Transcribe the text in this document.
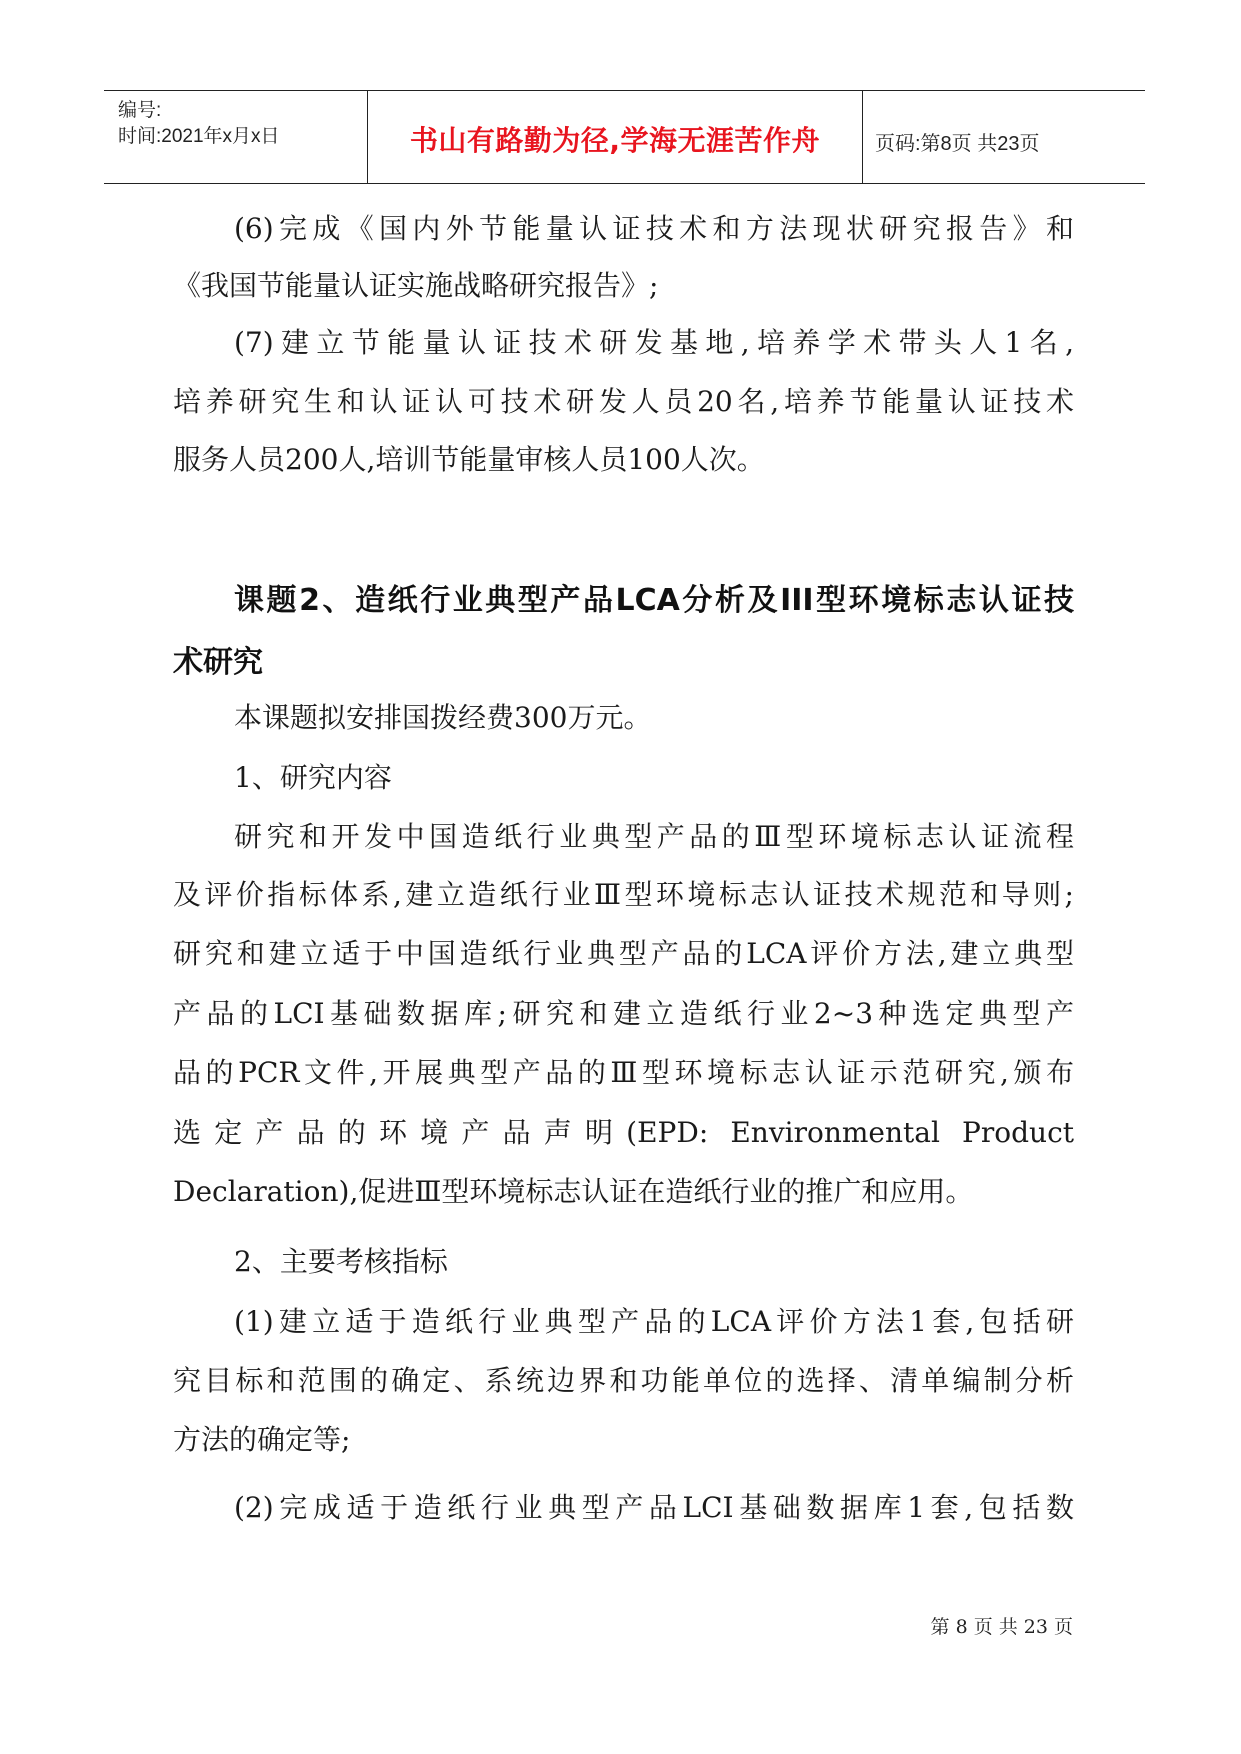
编号:
时间:2021年x月x日	书山有路勤为径,学海无涯苦作舟	页码:第8页 共23页
(6)完成《国内外节能量认证技术和方法现状研究报告》和
《我国节能量认证实施战略研究报告》;
(7)建立节能量认证技术研发基地,培养学术带头人1名,
培养研究生和认证认可技术研发人员20名,培养节能量认证技术
服务人员200人,培训节能量审核人员100人次。
课题2、造纸行业典型产品LCA分析及III型环境标志认证技
术研究
本课题拟安排国拨经费300万元。
1、研究内容
研究和开发中国造纸行业典型产品的Ⅲ型环境标志认证流程
及评价指标体系,建立造纸行业Ⅲ型环境标志认证技术规范和导则;
研究和建立适于中国造纸行业典型产品的LCA评价方法,建立典型
产品的LCI基础数据库;研究和建立造纸行业2~3种选定典型产
品的PCR文件,开展典型产品的Ⅲ型环境标志认证示范研究,颁布
选定产品的环境产品声明(EPD: Environmental Product
Declaration),促进Ⅲ型环境标志认证在造纸行业的推广和应用。
2、主要考核指标
(1)建立适于造纸行业典型产品的LCA评价方法1套,包括研
究目标和范围的确定、系统边界和功能单位的选择、清单编制分析
方法的确定等;
(2)完成适于造纸行业典型产品LCI基础数据库1套,包括数
第 8 页 共 23 页
